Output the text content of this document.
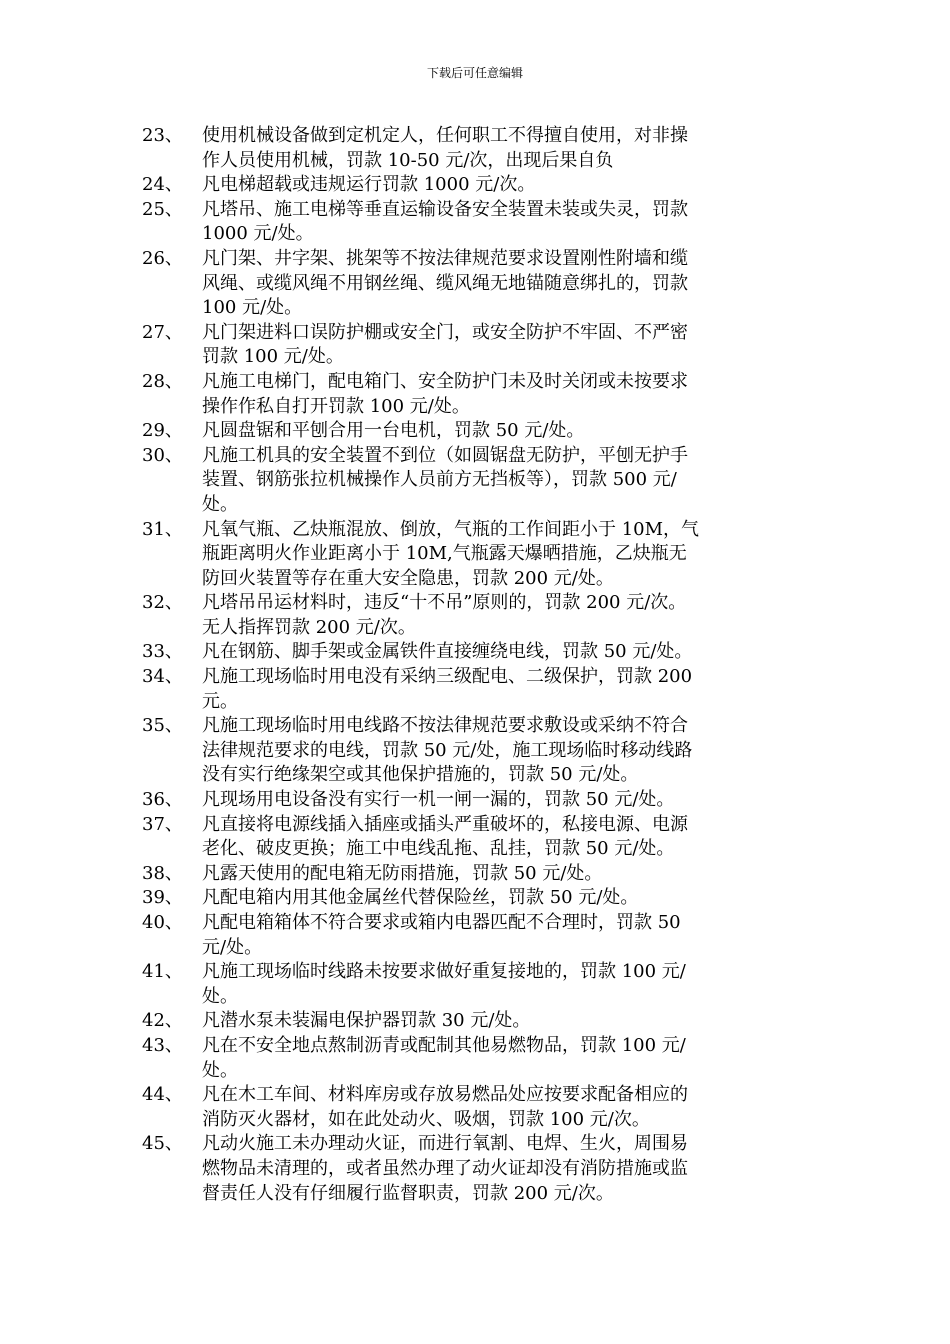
下载后可任意编辑
23、	使用机械设备做到定机定人，任何职工不得擅自使用，对非操
作人员使用机械，罚款 10-50 元/次，出现后果自负
24、	凡电梯超载或违规运行罚款 1000 元/次。
25、	凡塔吊、施工电梯等垂直运输设备安全装置未装或失灵，罚款
1000 元/处。
26、	凡门架、井字架、挑架等不按法律规范要求设置刚性附墙和缆
风绳、或缆风绳不用钢丝绳、缆风绳无地锚随意绑扎的，罚款
100 元/处。
27、	凡门架进料口误防护棚或安全门，或安全防护不牢固、不严密
罚款 100 元/处。
28、	凡施工电梯门，配电箱门、安全防护门未及时关闭或未按要求
操作作私自打开罚款 100 元/处。
29、	凡圆盘锯和平刨合用一台电机，罚款 50 元/处。
30、	凡施工机具的安全装置不到位（如圆锯盘无防护，平刨无护手
装置、钢筋张拉机械操作人员前方无挡板等），罚款 500 元/
处。
31、	凡氧气瓶、乙炔瓶混放、倒放，气瓶的工作间距小于 10M，气
瓶距离明火作业距离小于 10M,气瓶露天爆晒措施，乙炔瓶无
防回火装置等存在重大安全隐患，罚款 200 元/处。
32、	凡塔吊吊运材料时，违反“十不吊”原则的，罚款 200 元/次。
无人指挥罚款 200 元/次。
33、	凡在钢筋、脚手架或金属铁件直接缠绕电线，罚款 50 元/处。
34、	凡施工现场临时用电没有采纳三级配电、二级保护，罚款 200
元。
35、	凡施工现场临时用电线路不按法律规范要求敷设或采纳不符合
法律规范要求的电线，罚款 50 元/处，施工现场临时移动线路
没有实行绝缘架空或其他保护措施的，罚款 50 元/处。
36、	凡现场用电设备没有实行一机一闸一漏的，罚款 50 元/处。
37、	凡直接将电源线插入插座或插头严重破坏的，私接电源、电源
老化、破皮更换；施工中电线乱拖、乱挂，罚款 50 元/处。
38、	凡露天使用的配电箱无防雨措施，罚款 50 元/处。
39、	凡配电箱内用其他金属丝代替保险丝，罚款 50 元/处。
40、	凡配电箱箱体不符合要求或箱内电器匹配不合理时，罚款 50
元/处。
41、	凡施工现场临时线路未按要求做好重复接地的，罚款 100 元/
处。
42、	凡潜水泵未装漏电保护器罚款 30 元/处。
43、	凡在不安全地点熬制沥青或配制其他易燃物品，罚款 100 元/
处。
44、	凡在木工车间、材料库房或存放易燃品处应按要求配备相应的
消防灭火器材，如在此处动火、吸烟，罚款 100 元/次。
45、	凡动火施工未办理动火证，而进行氧割、电焊、生火，周围易
燃物品未清理的，或者虽然办理了动火证却没有消防措施或监
督责任人没有仔细履行监督职责，罚款 200 元/次。
